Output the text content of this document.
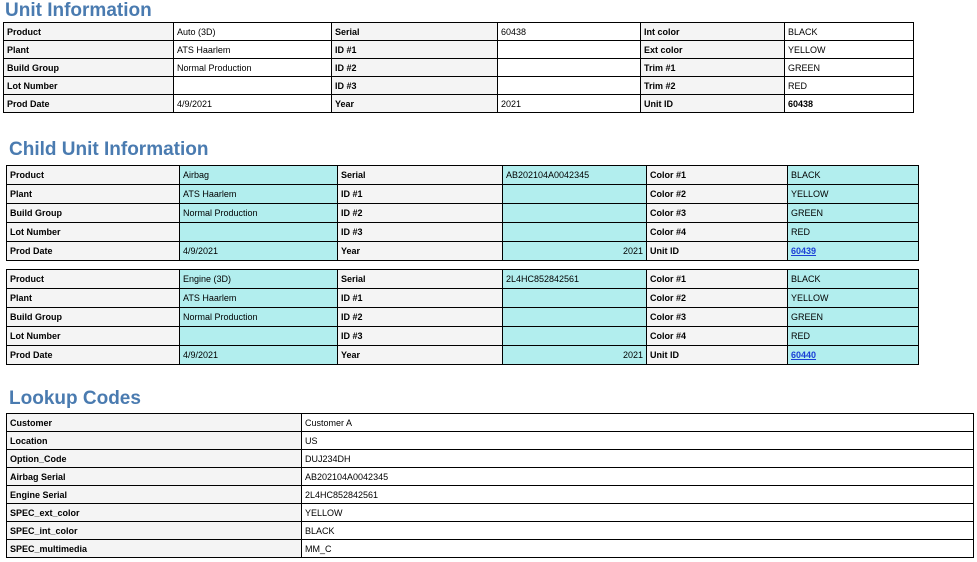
Unit Information
Product	Auto (3D)	Serial	60438	Int color	BLACK
Plant	ATS Haarlem	ID #1		Ext color	YELLOW
Build Group	Normal Production	ID #2		Trim #1	GREEN
Lot Number		ID #3		Trim #2	RED
Prod Date	4/9/2021	Year	2021	Unit ID	60438
Child Unit Information
Product	Airbag	Serial	AB202104A0042345	Color #1	BLACK
Plant	ATS Haarlem	ID #1		Color #2	YELLOW
Build Group	Normal Production	ID #2		Color #3	GREEN
Lot Number		ID #3		Color #4	RED
Prod Date	4/9/2021	Year	2021	Unit ID	60439
Product	Engine (3D)	Serial	2L4HC852842561	Color #1	BLACK
Plant	ATS Haarlem	ID #1		Color #2	YELLOW
Build Group	Normal Production	ID #2		Color #3	GREEN
Lot Number		ID #3		Color #4	RED
Prod Date	4/9/2021	Year	2021	Unit ID	60440
Lookup Codes
Customer	Customer A
Location	US
Option_Code	DUJ234DH
Airbag Serial	AB202104A0042345
Engine Serial	2L4HC852842561
SPEC_ext_color	YELLOW
SPEC_int_color	BLACK
SPEC_multimedia	MM_C
